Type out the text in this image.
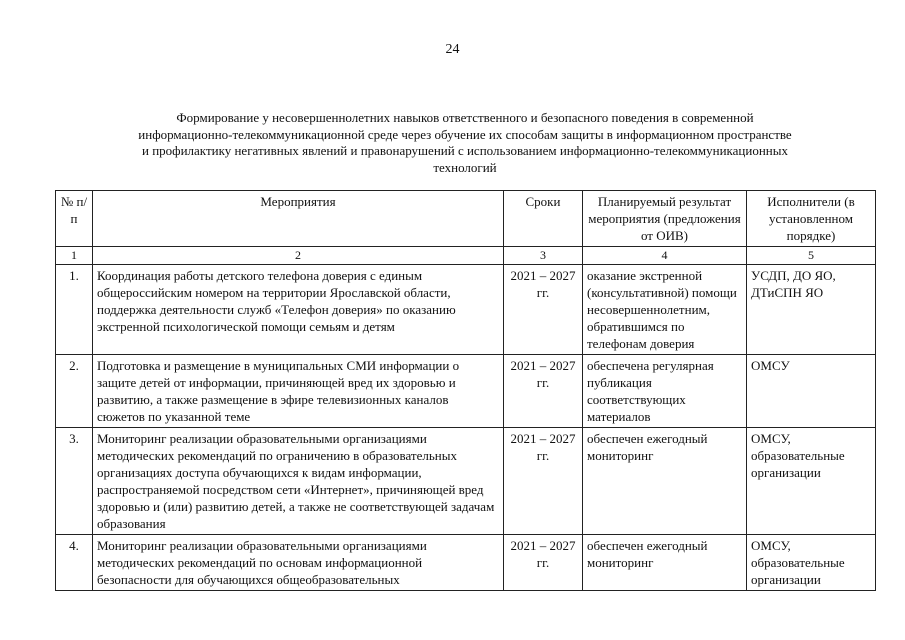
24
Формирование у несовершеннолетних навыков ответственного и безопасного поведения в современной
информационно-телекоммуникационной среде через обучение их способам защиты в информационном пространстве
и профилактику негативных явлений и правонарушений с использованием информационно-телекоммуникационных
технологий
№ п/п	Мероприятия	Сроки	Планируемый результат мероприятия (предложения от ОИВ)	Исполнители (в установленном порядке)
1	2	3	4	5
1.	Координация работы детского телефона доверия с единым общероссийским номером на территории Ярославской области, поддержка деятельности служб «Телефон доверия» по оказанию экстренной психологической помощи семьям и детям	2021 – 2027 гг.	оказание экстренной (консультативной) помощи несовершеннолетним, обратившимся по телефонам доверия	УСДП, ДО ЯО, ДТиСПН ЯО
2.	Подготовка и размещение в муниципальных СМИ информации о защите детей от информации, причиняющей вред их здоровью и развитию, а также размещение в эфире телевизионных каналов сюжетов по указанной теме	2021 – 2027 гг.	обеспечена регулярная публикация соответствующих материалов	ОМСУ
3.	Мониторинг реализации образовательными организациями методических рекомендаций по ограничению в образовательных организациях доступа обучающихся к видам информации, распространяемой посредством сети «Интернет», причиняющей вред здоровью и (или) развитию детей, а также не соответствующей задачам образования	2021 – 2027 гг.	обеспечен ежегодный мониторинг	ОМСУ, образовательные организации
4.	Мониторинг реализации образовательными организациями методических рекомендаций по основам информационной безопасности для обучающихся общеобразовательных	2021 – 2027 гг.	обеспечен ежегодный мониторинг	ОМСУ, образовательные организации
